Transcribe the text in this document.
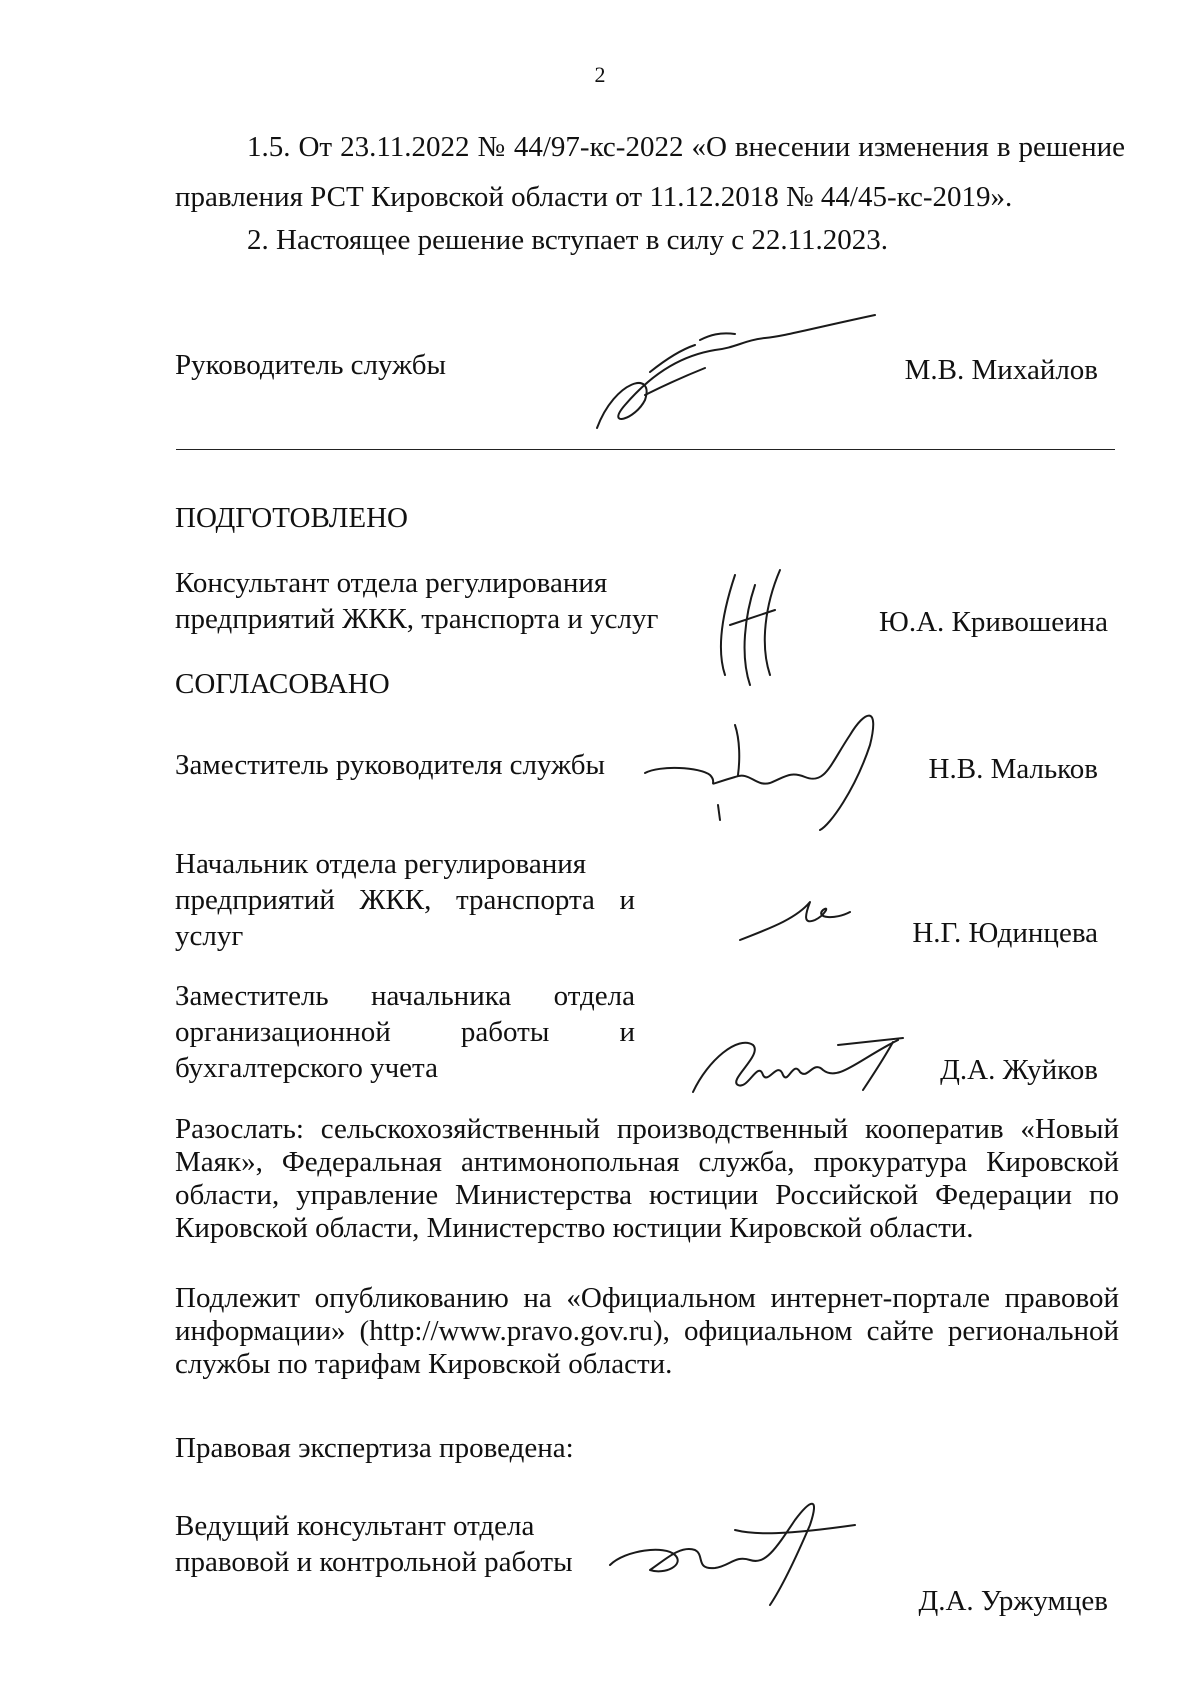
2
1.5. От 23.11.2022 № 44/97-кс-2022 «О внесении изменения в решение правления РСТ Кировской области от 11.12.2018 № 44/45-кс-2019».
2. Настоящее решение вступает в силу с 22.11.2023.
Руководитель службы	М.В. Михайлов
ПОДГОТОВЛЕНО
Консультант отдела регулирования
предприятий ЖКК, транспорта и услуг	Ю.А. Кривошеина
СОГЛАСОВАНО
Заместитель руководителя службы	Н.В. Мальков
Начальник отдела регулирования
предприятий ЖКК, транспорта и
услуг	Н.Г. Юдинцева
Заместитель начальника отдела
организационной работы и
бухгалтерского учета	Д.А. Жуйков
Разослать: сельскохозяйственный производственный кооператив «Новый Маяк», Федеральная антимонопольная служба, прокуратура Кировской области, управление Министерства юстиции Российской Федерации по Кировской области, Министерство юстиции Кировской области.
Подлежит опубликованию на «Официальном интернет-портале правовой информации» (http://www.pravo.gov.ru), официальном сайте региональной службы по тарифам Кировской области.
Правовая экспертиза проведена:
Ведущий консультант отдела
правовой и контрольной работы
Д.А. Уржумцев
